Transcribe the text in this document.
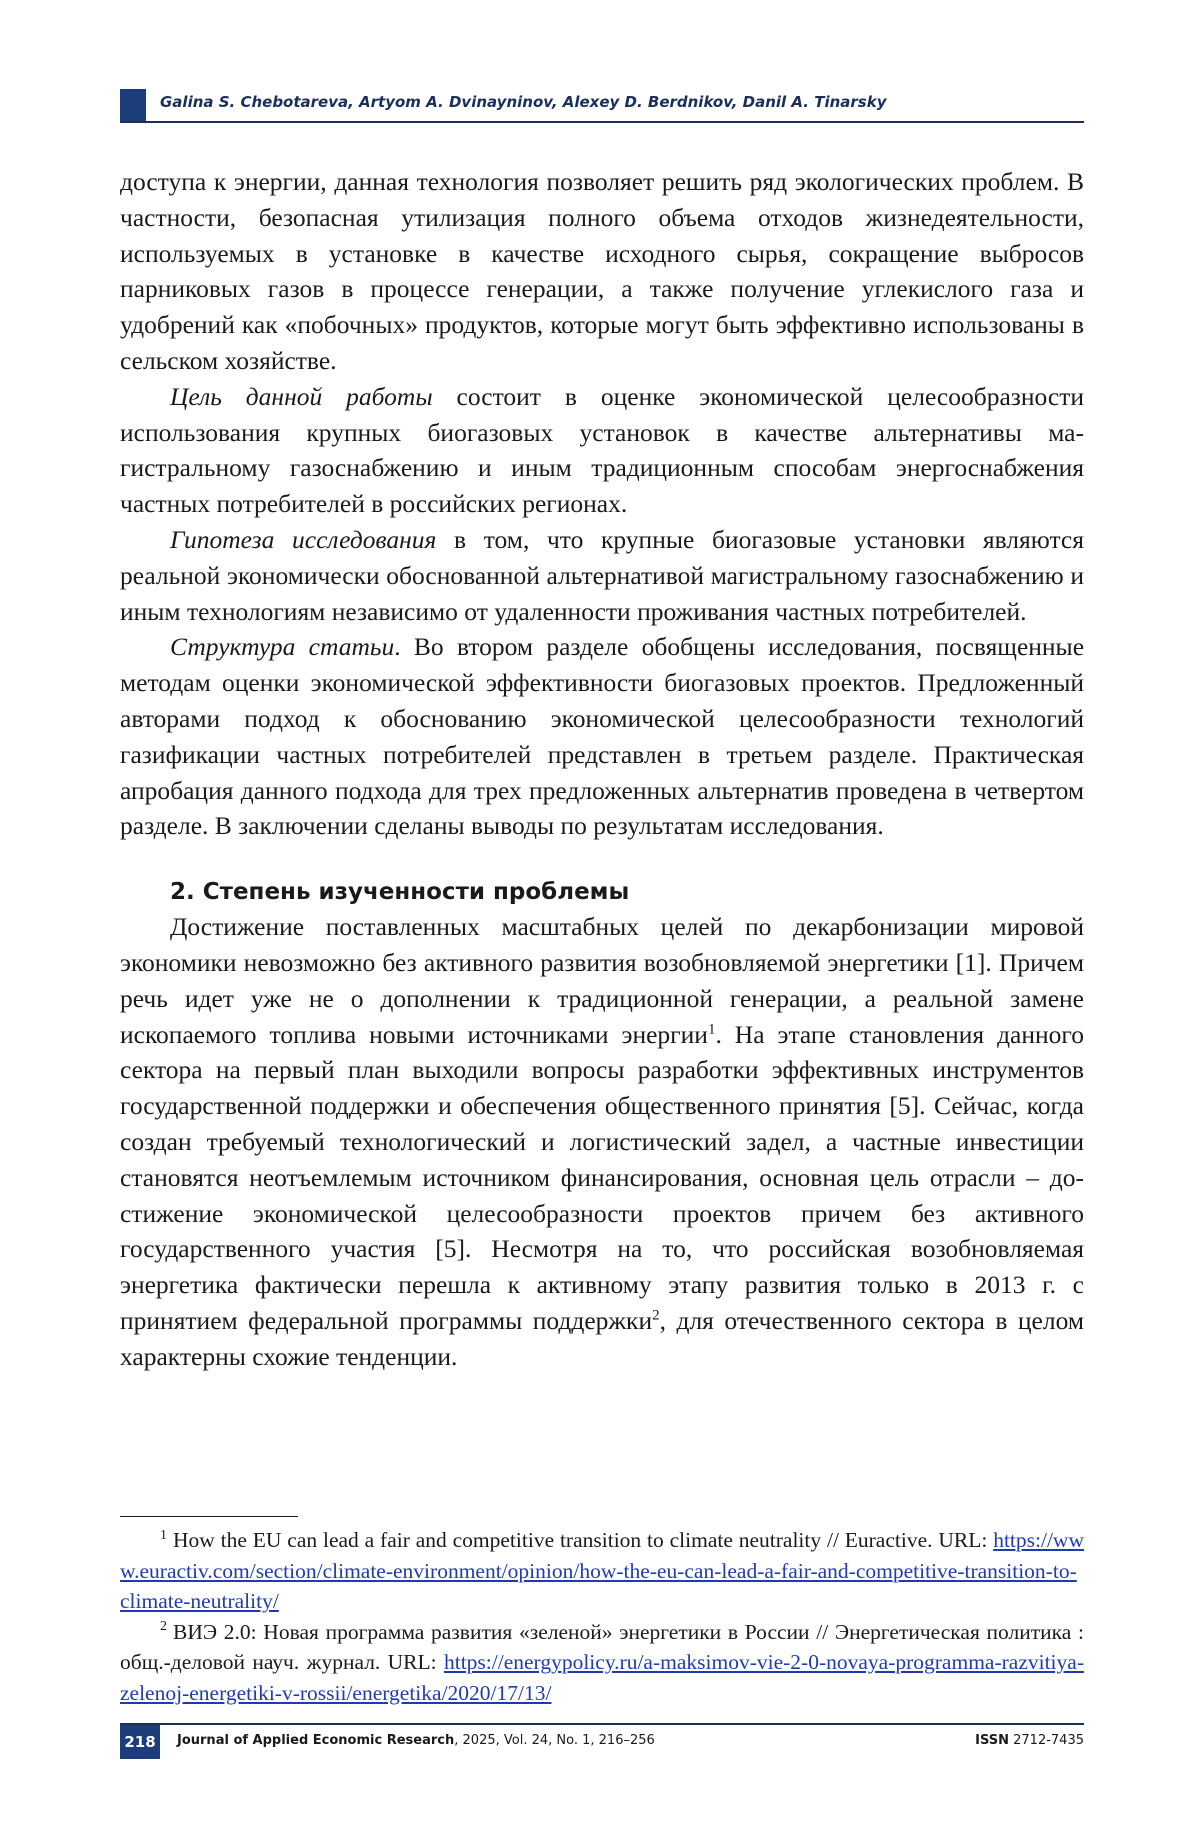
Galina S. Chebotareva, Artyom A. Dvinayninov, Alexey D. Berdnikov, Danil A. Tinarsky

доступа к энергии, данная технология позволяет решить ряд экологических проблем. В частности, безопасная утилизация полного объема отходов жизнедеятельности, используемых в установке в качестве исходного сырья, сокращение выбросов парниковых газов в процессе генерации, а также получение углекислого газа и удобрений как «побочных» продуктов, которые могут быть эффективно использованы в сельском хозяйстве.

Цель данной работы состоит в оценке экономической целесообразности использования крупных биогазовых установок в качестве альтернативы магистральному газоснабжению и иным традиционным способам энергоснабжения частных потребителей в российских регионах.

Гипотеза исследования в том, что крупные биогазовые установки являются реальной экономически обоснованной альтернативой магистральному газоснабжению и иным технологиям независимо от удаленности проживания частных потребителей.

Структура статьи. Во втором разделе обобщены исследования, посвященные методам оценки экономической эффективности биогазовых проектов. Предложенный авторами подход к обоснованию экономической целесообразности технологий газификации частных потребителей представлен в третьем разделе. Практическая апробация данного подхода для трех предложенных альтернатив проведена в четвертом разделе. В заключении сделаны выводы по результатам исследования.

2. Степень изученности проблемы

Достижение поставленных масштабных целей по декарбонизации мировой экономики невозможно без активного развития возобновляемой энергетики [1]. Причем речь идет уже не о дополнении к традиционной генерации, а реальной замене ископаемого топлива новыми источниками энергии$^1$. На этапе становления данного сектора на первый план выходили вопросы разработки эффективных инструментов государственной поддержки и обеспечения общественного принятия [5]. Сейчас, когда создан требуемый технологический и логистический задел, а частные инвестиции становятся неотъемлемым источником финансирования, основная цель отрасли – достижение экономической целесообразности проектов причем без активного государственного участия [5]. Несмотря на то, что российская возобновляемая энергетика фактически перешла к активному этапу развития только в 2013 г. с принятием федеральной программы поддержки$^2$, для отечественного сектора в целом характерны схожие тенденции.

$^1$ How the EU can lead a fair and competitive transition to climate neutrality // Euractive. URL: https://www.euractiv.com/section/climate-environment/opinion/how-the-eu-can-lead-a-fair-and-competitive-transition-to-climate-neutrality/

$^2$ ВИЭ 2.0: Новая программа развития «зеленой» энергетики в России // Энергетическая политика : общ.-деловой науч. журнал. URL: https://energypolicy.ru/a-maksimov-vie-2-0-novaya-programma-razvitiya-zelenoj-energetiki-v-rossii/energetika/2020/17/13/

218	Journal of Applied Economic Research, 2025, Vol. 24, No. 1, 216–256	ISSN 2712-7435
